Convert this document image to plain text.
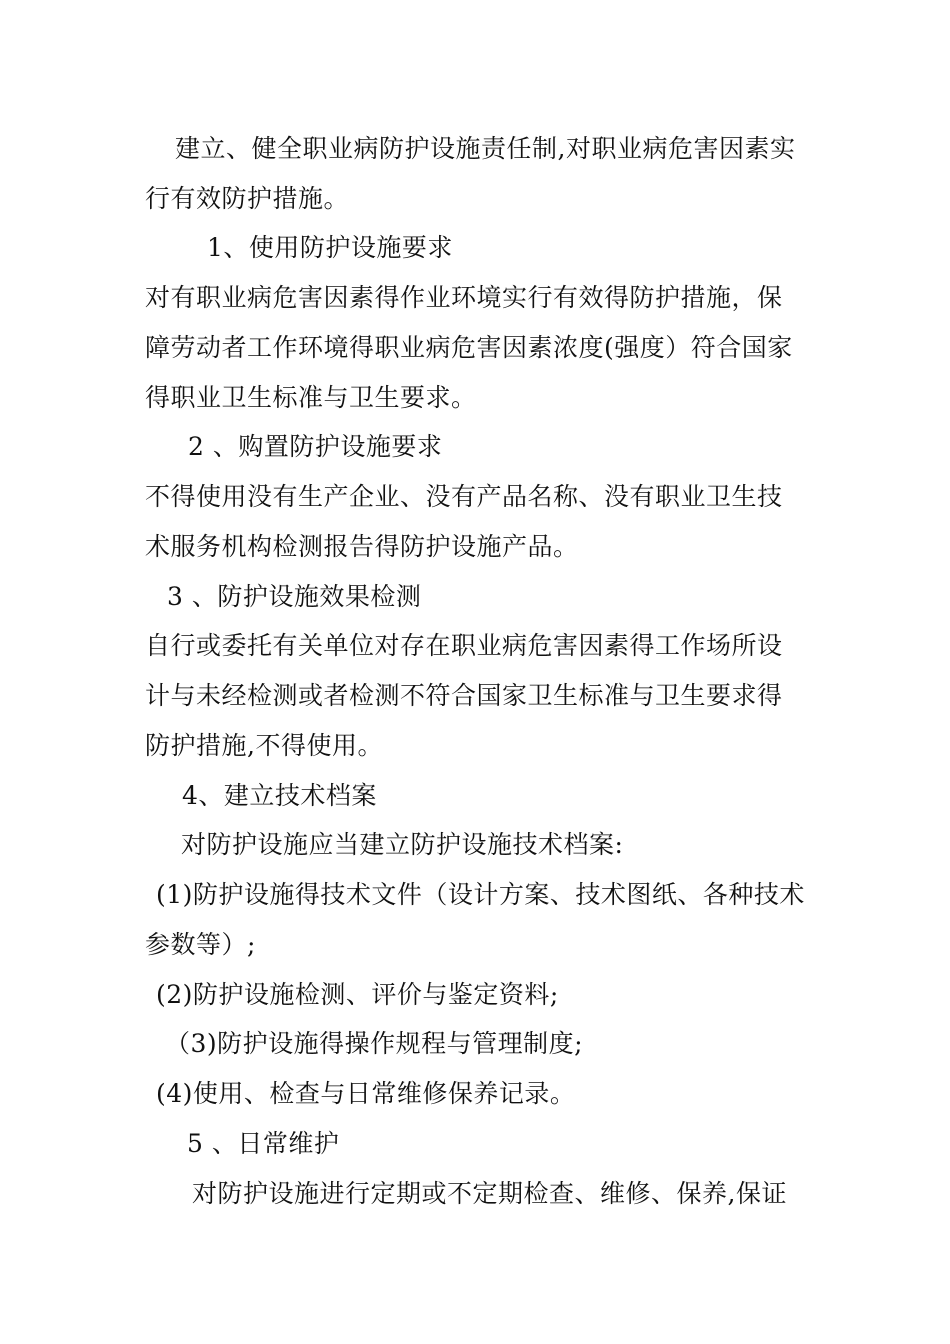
建立、健全职业病防护设施责任制,对职业病危害因素实
行有效防护措施。
1、使用防护设施要求
对有职业病危害因素得作业环境实行有效得防护措施，保
障劳动者工作环境得职业病危害因素浓度(强度）符合国家
得职业卫生标准与卫生要求。
2 、购置防护设施要求
不得使用没有生产企业、没有产品名称、没有职业卫生技
术服务机构检测报告得防护设施产品。
3 、防护设施效果检测
自行或委托有关单位对存在职业病危害因素得工作场所设
计与未经检测或者检测不符合国家卫生标准与卫生要求得
防护措施,不得使用。
4、建立技术档案
对防护设施应当建立防护设施技术档案:
(1)防护设施得技术文件（设计方案、技术图纸、各种技术
参数等）;
(2)防护设施检测、评价与鉴定资料;
（3)防护设施得操作规程与管理制度;
(4)使用、检查与日常维修保养记录。
5 、日常维护
对防护设施进行定期或不定期检查、维修、保养,保证
